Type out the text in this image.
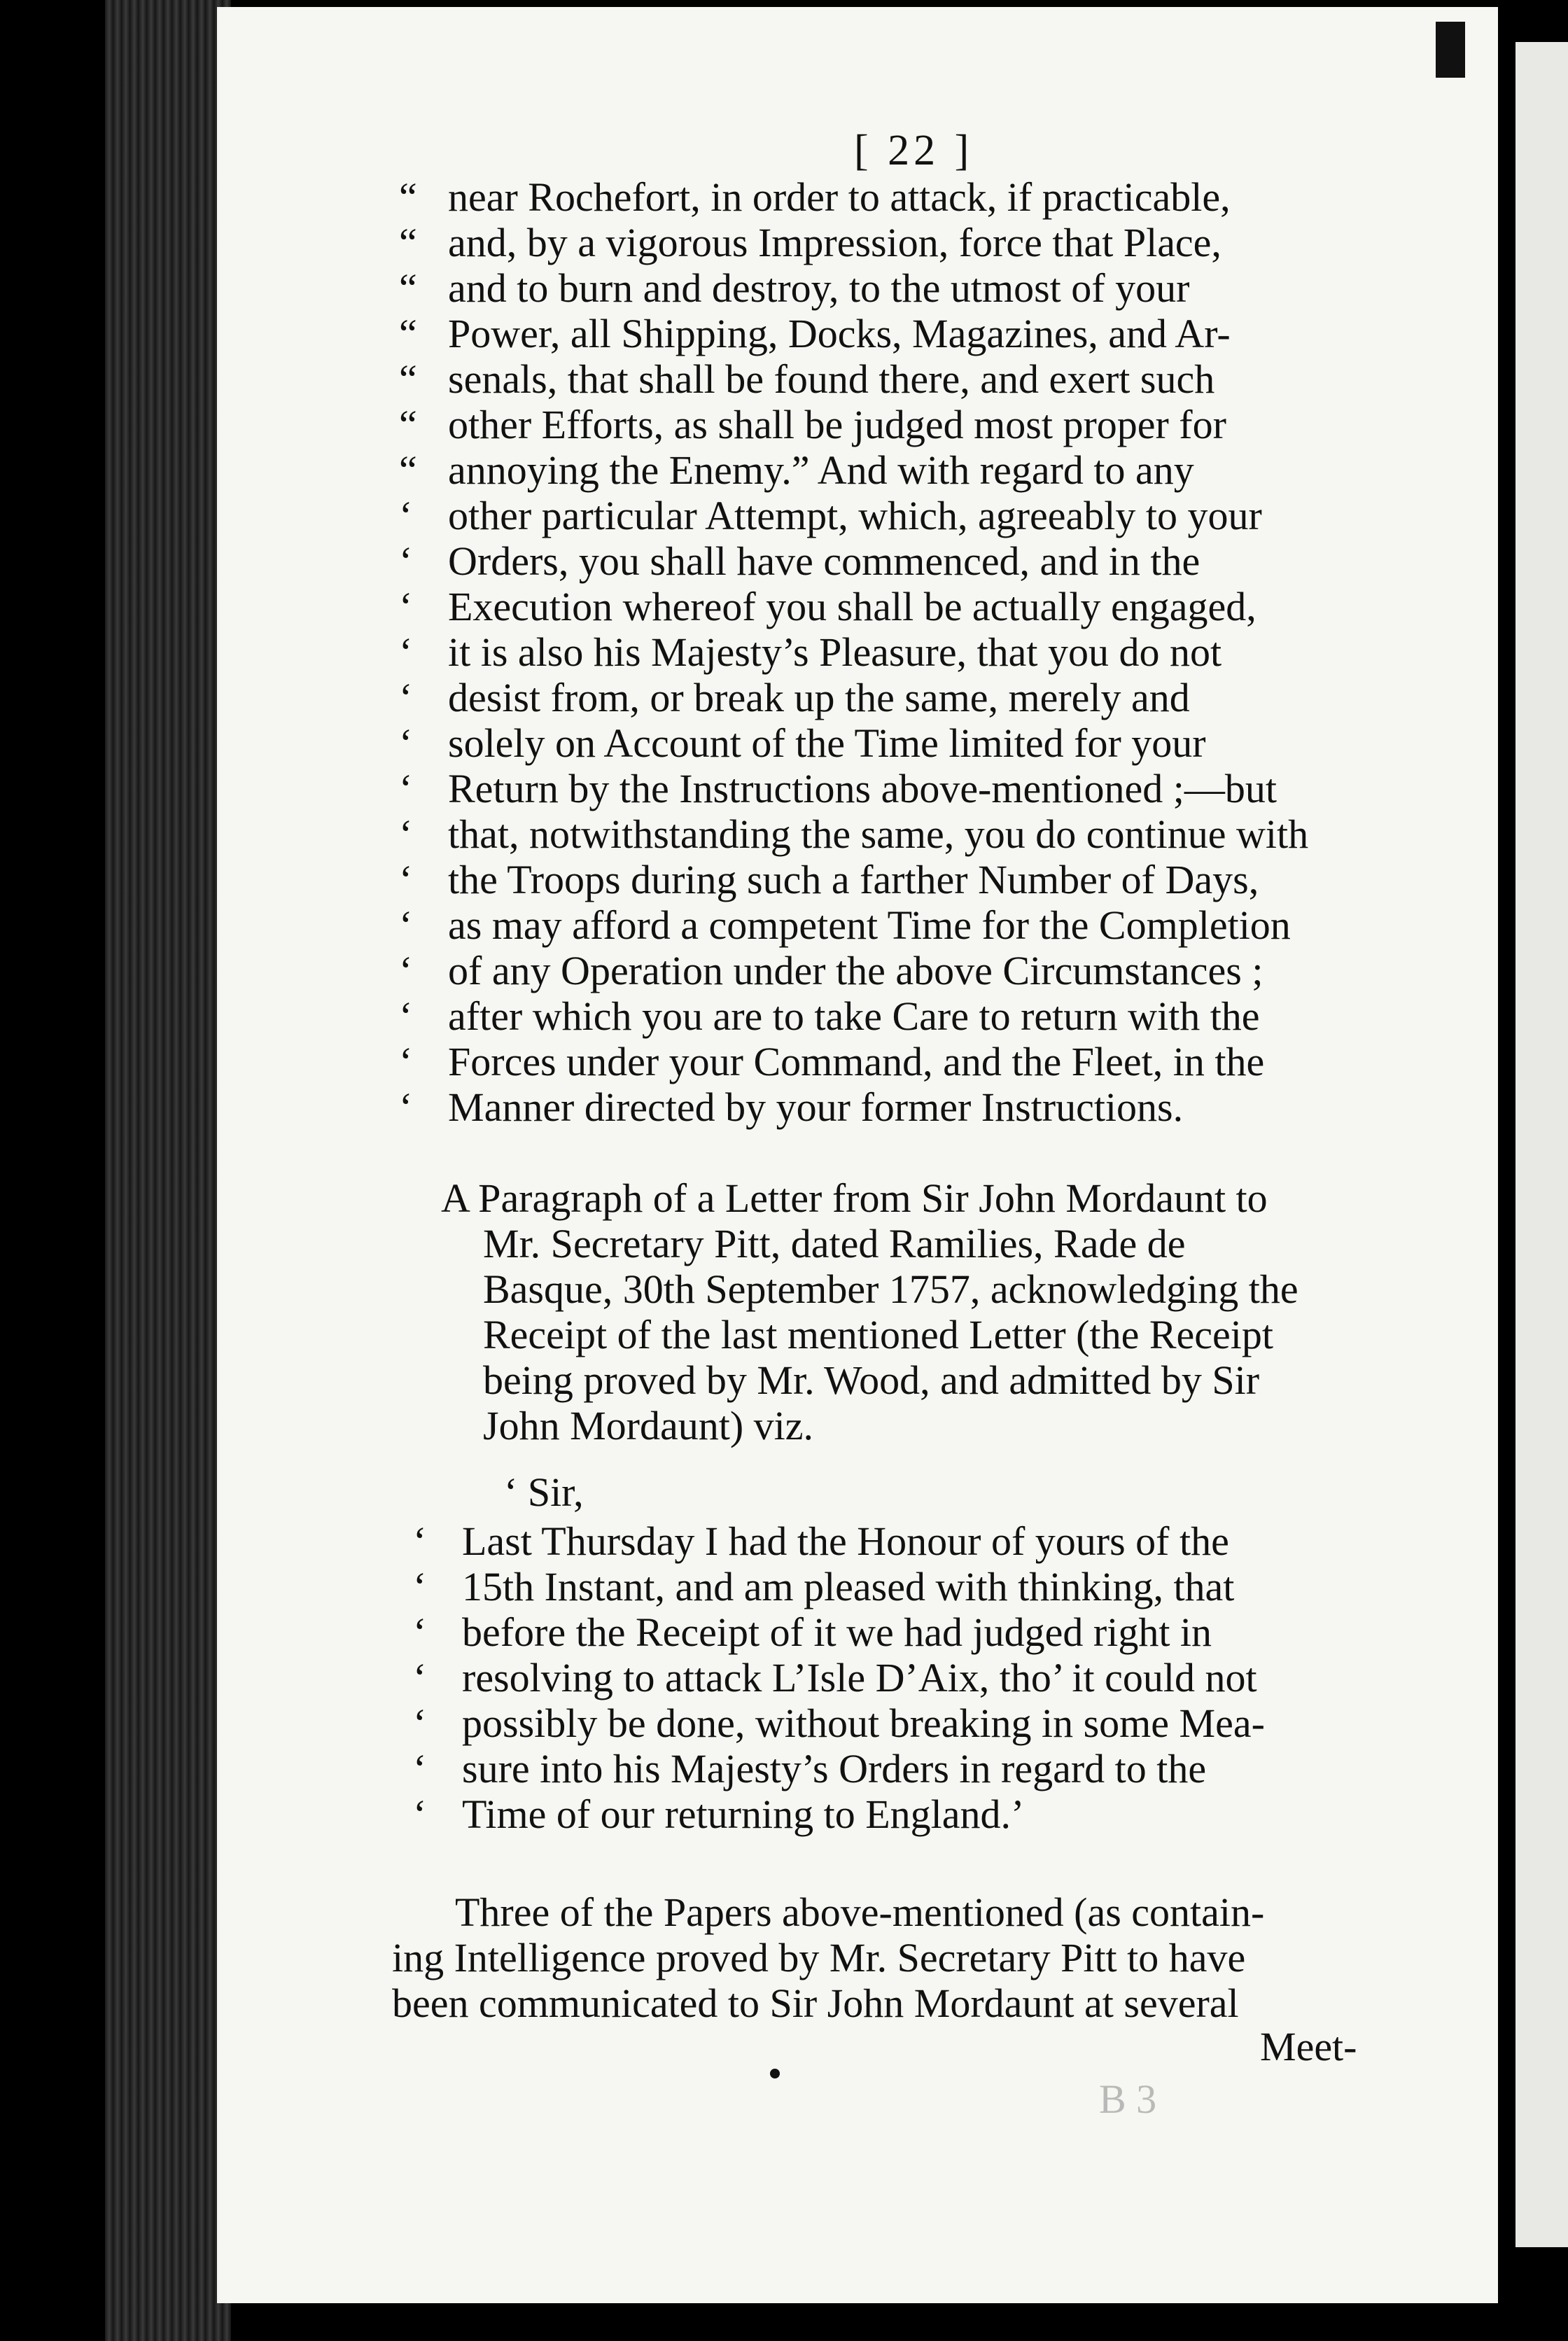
[ 22 ]
“ near Rochefort, in order to attack, if practicable,
“ and, by a vigorous Impression, force that Place,
“ and to burn and destroy, to the utmost of your
“ Power, all Shipping, Docks, Magazines, and Ar-
“ senals, that shall be found there, and exert such
“ other Efforts, as shall be judged most proper for
“ annoying the Enemy.” And with regard to any
‘ other particular Attempt, which, agreeably to your
‘ Orders, you shall have commenced, and in the
‘ Execution whereof you shall be actually engaged,
‘ it is also his Majesty’s Pleasure, that you do not
‘ desist from, or break up the same, merely and
‘ solely on Account of the Time limited for your
‘ Return by the Instructions above-mentioned ;—but
‘ that, notwithstanding the same, you do continue with
‘ the Troops during such a farther Number of Days,
‘ as may afford a competent Time for the Completion
‘ of any Operation under the above Circumstances ;
‘ after which you are to take Care to return with the
‘ Forces under your Command, and the Fleet, in the
‘ Manner directed by your former Instructions.
A Paragraph of a Letter from Sir John Mordaunt to
Mr. Secretary Pitt, dated Ramilies, Rade de
Basque, 30th September 1757, acknowledging the
Receipt of the last mentioned Letter (the Receipt
being proved by Mr. Wood, and admitted by Sir
John Mordaunt) viz.
‘ Sir,
‘ Last Thursday I had the Honour of yours of the
‘ 15th Instant, and am pleased with thinking, that
‘ before the Receipt of it we had judged right in
‘ resolving to attack L’Isle D’Aix, tho’ it could not
‘ possibly be done, without breaking in some Mea-
‘ sure into his Majesty’s Orders in regard to the
‘ Time of our returning to England.’
Three of the Papers above-mentioned (as contain-
ing Intelligence proved by Mr. Secretary Pitt to have
been communicated to Sir John Mordaunt at several
Meet-
B 3
